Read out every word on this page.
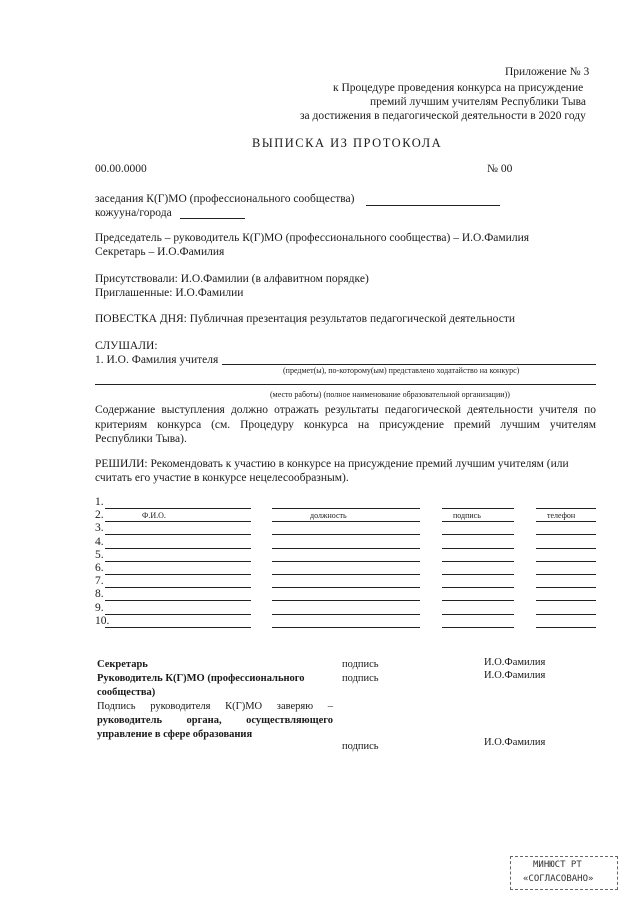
Приложение № 3
к Процедуре проведения конкурса на присуждение
премий лучшим учителям Республики Тыва
за достижения в педагогической деятельности в 2020 году
ВЫПИСКА ИЗ ПРОТОКОЛА
00.00.0000	№ 00
заседания К(Г)МО (профессионального сообщества)
кожууна/города
Председатель – руководитель К(Г)МО (профессионального сообщества) – И.О.Фамилия
Секретарь – И.О.Фамилия
Присутствовали: И.О.Фамилии (в алфавитном порядке)
Приглашенные: И.О.Фамилии
ПОВЕСТКА ДНЯ: Публичная презентация результатов педагогической деятельности
СЛУШАЛИ:
1. И.О. Фамилия учителя
(предмет(ы), по-которому(ым) представлено ходатайство на конкурс)
(место работы) (полное наименование образовательной организации))
Содержание выступления должно отражать результаты педагогической деятельности учителя по
критериям конкурса (см. Процедуру конкурса на присуждение премий лучшим учителям
Республики Тыва).
РЕШИЛИ: Рекомендовать к участию в конкурсе на присуждение премий лучшим учителям (или
считать его участие в конкурсе нецелесообразным).
Ф.И.О.	должность	подпись	телефон
1.
2.
3.
4.
5.
6.
7.
8.
9.
10.
Секретарь	подпись	И.О.Фамилия
Руководитель К(Г)МО (профессионального
сообщества)
подпись	И.О.Фамилия
Подпись руководителя К(Г)МО заверяю –
руководитель органа, осуществляющего
управление в сфере образования
подпись	И.О.Фамилия
МИНЮСТ РТ
«СОГЛАСОВАНО»
